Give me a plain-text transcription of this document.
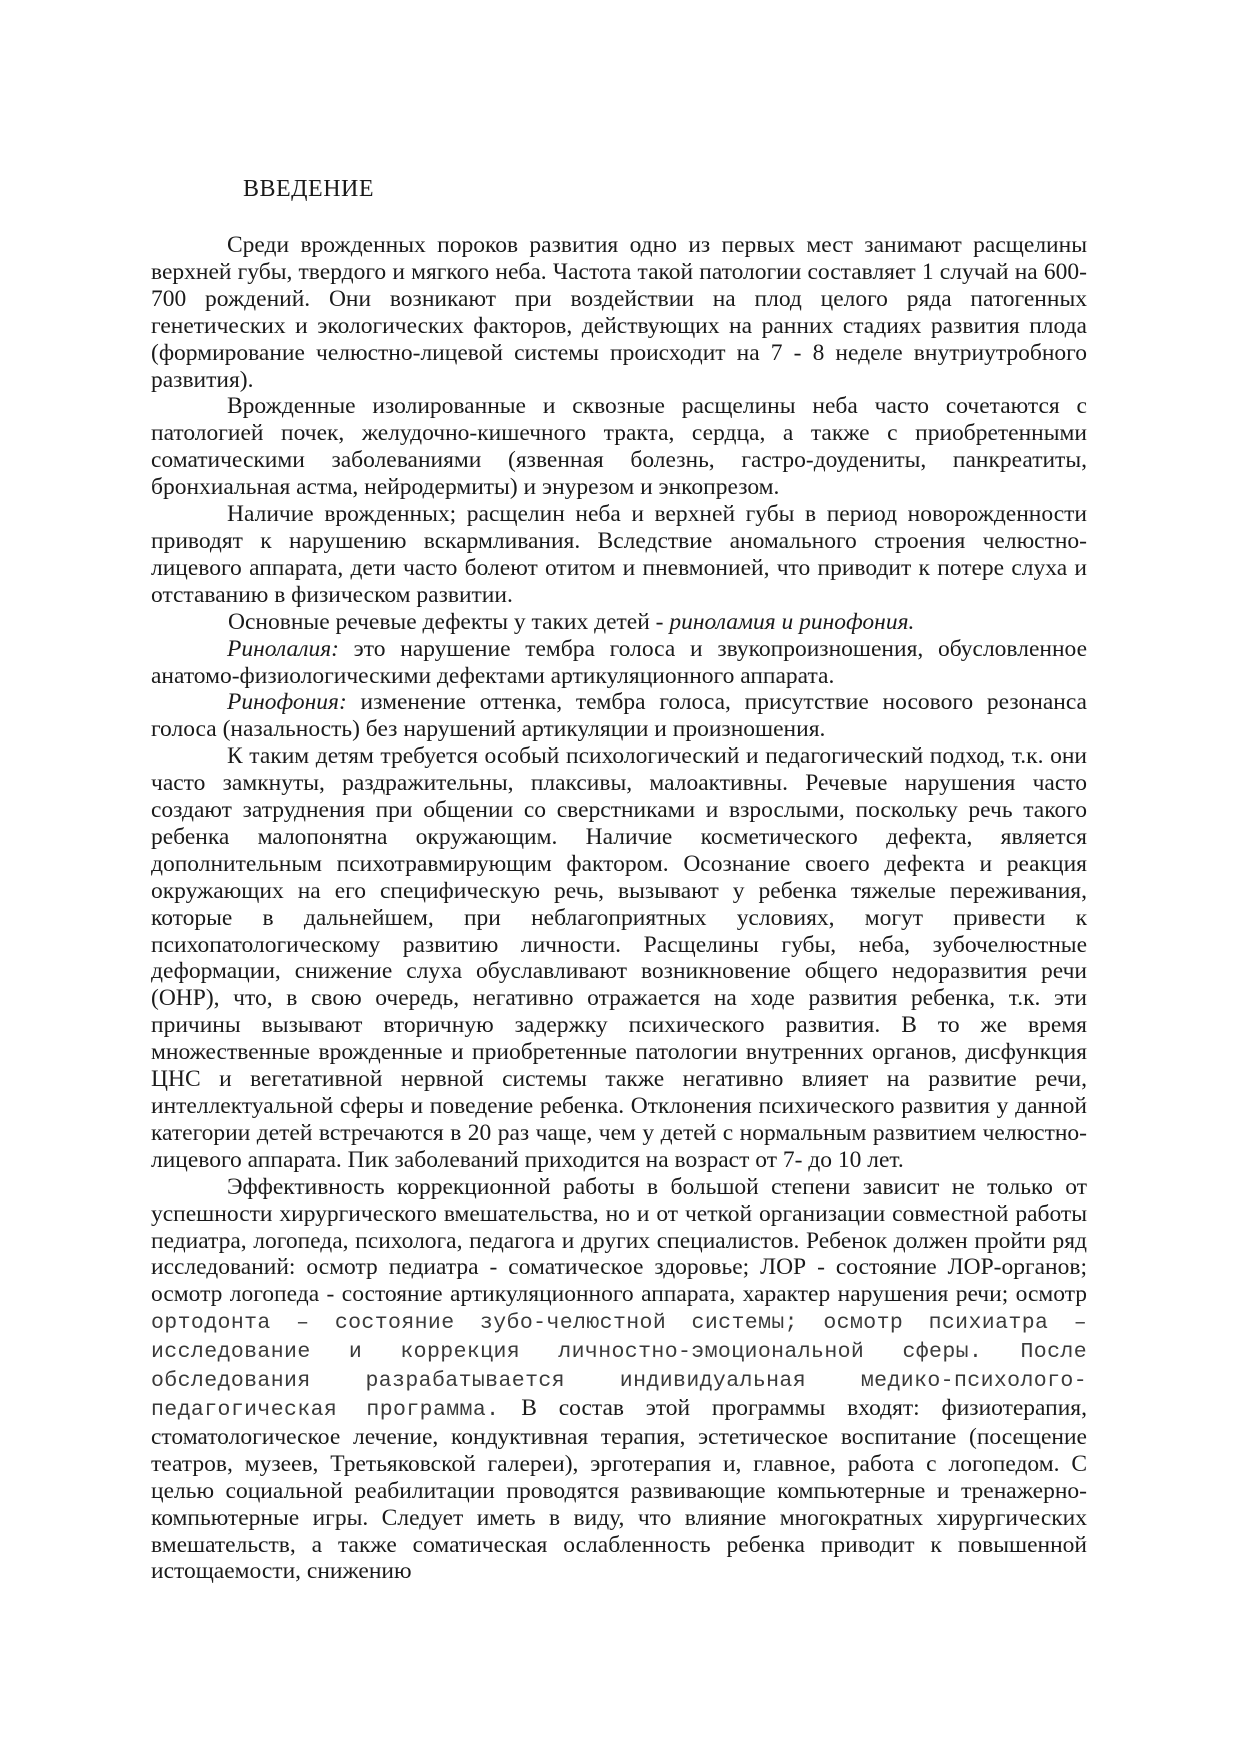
ВВЕДЕНИЕ

Среди врожденных пороков развития одно из первых мест занимают расщелины верхней губы, твердого и мягкого неба. Частота такой патологии составляет 1 случай на 600-700 рождений. Они возникают при воздействии на плод целого ряда патогенных генетических и экологических факторов, действующих на ранних стадиях развития плода (формирование челюстно-лицевой системы происходит на 7 - 8 неделе внутриутробного развития).

Врожденные изолированные и сквозные расщелины неба часто сочетаются с патологией почек, желудочно-кишечного тракта, сердца, а также с приобретенными соматическими заболеваниями (язвенная болезнь, гастро-доудениты, панкреатиты, бронхиальная астма, нейродермиты) и энурезом и энкопрезом.

Наличие врожденных; расщелин неба и верхней губы в период новорожденности приводят к нарушению вскармливания. Вследствие аномального строения челюстно-лицевого аппарата, дети часто болеют отитом и пневмонией, что приводит к потере слуха и отставанию в физическом развитии.

Основные речевые дефекты у таких детей - риноламия и ринофония.

Ринолалия: это нарушение тембра голоса и звукопроизношения, обусловленное анатомо-физиологическими дефектами артикуляционного аппарата.

Ринофония: изменение оттенка, тембра голоса, присутствие носового резонанса голоса (назальность) без нарушений артикуляции и произношения.

К таким детям требуется особый психологический и педагогический подход, т.к. они часто замкнуты, раздражительны, плаксивы, малоактивны. Речевые нарушения часто создают затруднения при общении со сверстниками и взрослыми, поскольку речь такого ребенка малопонятна окружающим. Наличие косметического дефекта, является дополнительным психотравмирующим фактором. Осознание своего дефекта и реакция окружающих на его специфическую речь, вызывают у ребенка тяжелые переживания, которые в дальнейшем, при неблагоприятных условиях, могут привести к психопатологическому развитию личности. Расщелины губы, неба, зубочелюстные деформации, снижение слуха обуславливают возникновение общего недоразвития речи (ОНР), что, в свою очередь, негативно отражается на ходе развития ребенка, т.к. эти причины вызывают вторичную задержку психического развития. В то же время множественные врожденные и приобретенные патологии внутренних органов, дисфункция ЦНС и вегетативной нервной системы также негативно влияет на развитие речи, интеллектуальной сферы и поведение ребенка. Отклонения психического развития у данной категории детей встречаются в 20 раз чаще, чем у детей с нормальным развитием челюстно-лицевого аппарата. Пик заболеваний приходится на возраст от 7- до 10 лет.

Эффективность коррекционной работы в большой степени зависит не только от успешности хирургического вмешательства, но и от четкой организации совместной работы педиатра, логопеда, психолога, педагога и других специалистов. Ребенок должен пройти ряд исследований: осмотр педиатра - соматическое здоровье; ЛОР - состояние ЛОР-органов; осмотр логопеда - состояние артикуляционного аппарата, характер нарушения речи; осмотр ортодонта – состояние зубо-челюстной системы; осмотр психиатра – исследование и коррекция личностно-эмоциональной сферы. После обследования разрабатывается индивидуальная медико-психолого-педагогическая программа. В состав этой программы входят: физиотерапия, стоматологическое лечение, кондуктивная терапия, эстетическое воспитание (посещение театров, музеев, Третьяковской галереи), эрготерапия и, главное, работа с логопедом. С целью социальной реабилитации проводятся развивающие компьютерные и тренажерно-компьютерные игры. Следует иметь в виду, что влияние многократных хирургических вмешательств, а также соматическая ослабленность ребенка приводит к повышенной истощаемости, снижению
